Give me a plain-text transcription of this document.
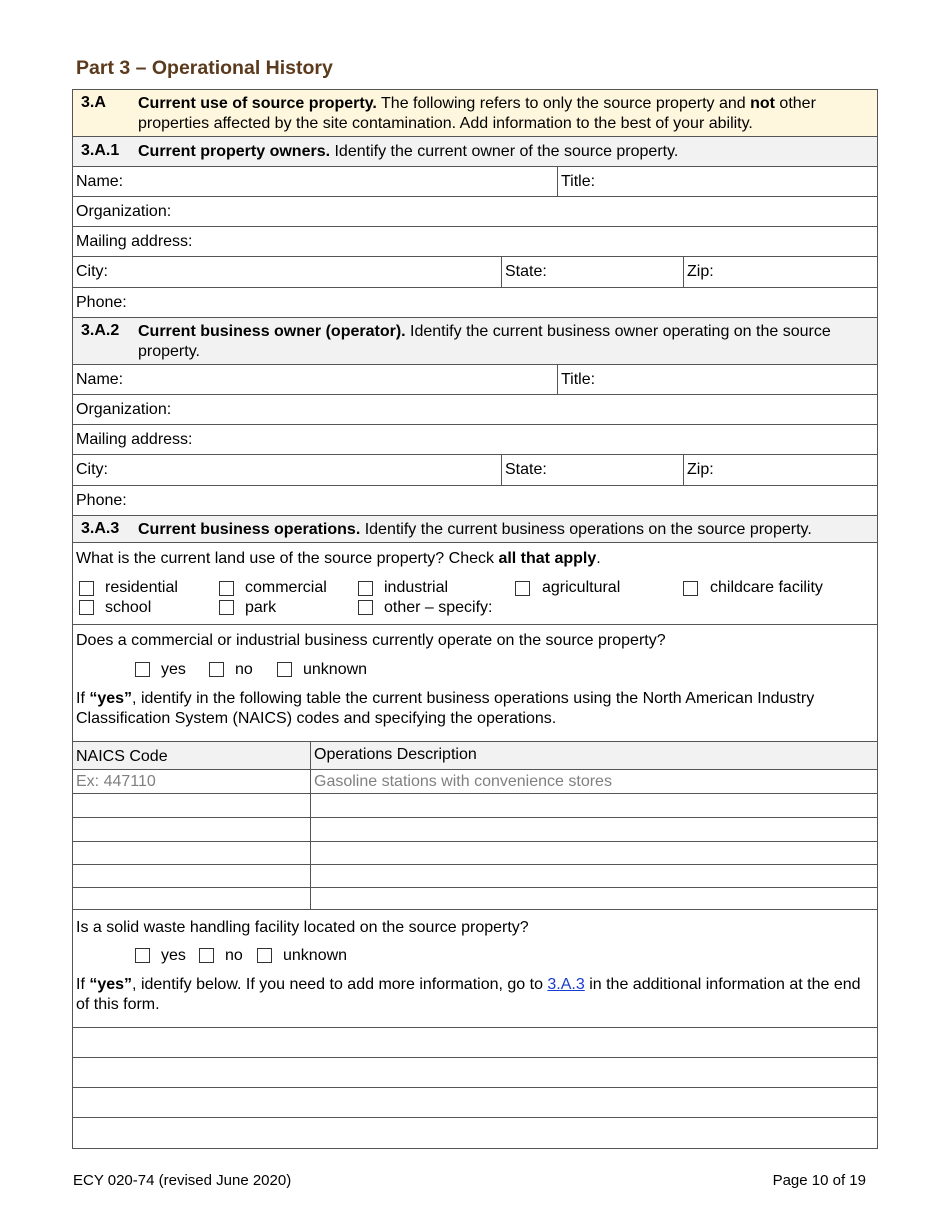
Part 3 – Operational History
3.A Current use of source property. The following refers to only the source property and not other properties affected by the site contamination. Add information to the best of your ability.
3.A.1 Current property owners. Identify the current owner of the source property.
Name:	Title:
Organization:
Mailing address:
City:	State:	Zip:
Phone:
3.A.2 Current business owner (operator). Identify the current business owner operating on the source property.
Name:	Title:
Organization:
Mailing address:
City:	State:	Zip:
Phone:
3.A.3 Current business operations. Identify the current business operations on the source property.
What is the current land use of the source property? Check all that apply.
residential	commercial	industrial	agricultural	childcare facility
school	park	other – specify:
Does a commercial or industrial business currently operate on the source property?
yes	no	unknown
If “yes”, identify in the following table the current business operations using the North American Industry Classification System (NAICS) codes and specifying the operations.
NAICS Code	Operations Description
Ex: 447110	Gasoline stations with convenience stores
Is a solid waste handling facility located on the source property?
yes no	unknown
If “yes”, identify below. If you need to add more information, go to 3.A.3 in the additional information at the end of this form.
ECY 020-74 (revised June 2020)	Page 10 of 19
